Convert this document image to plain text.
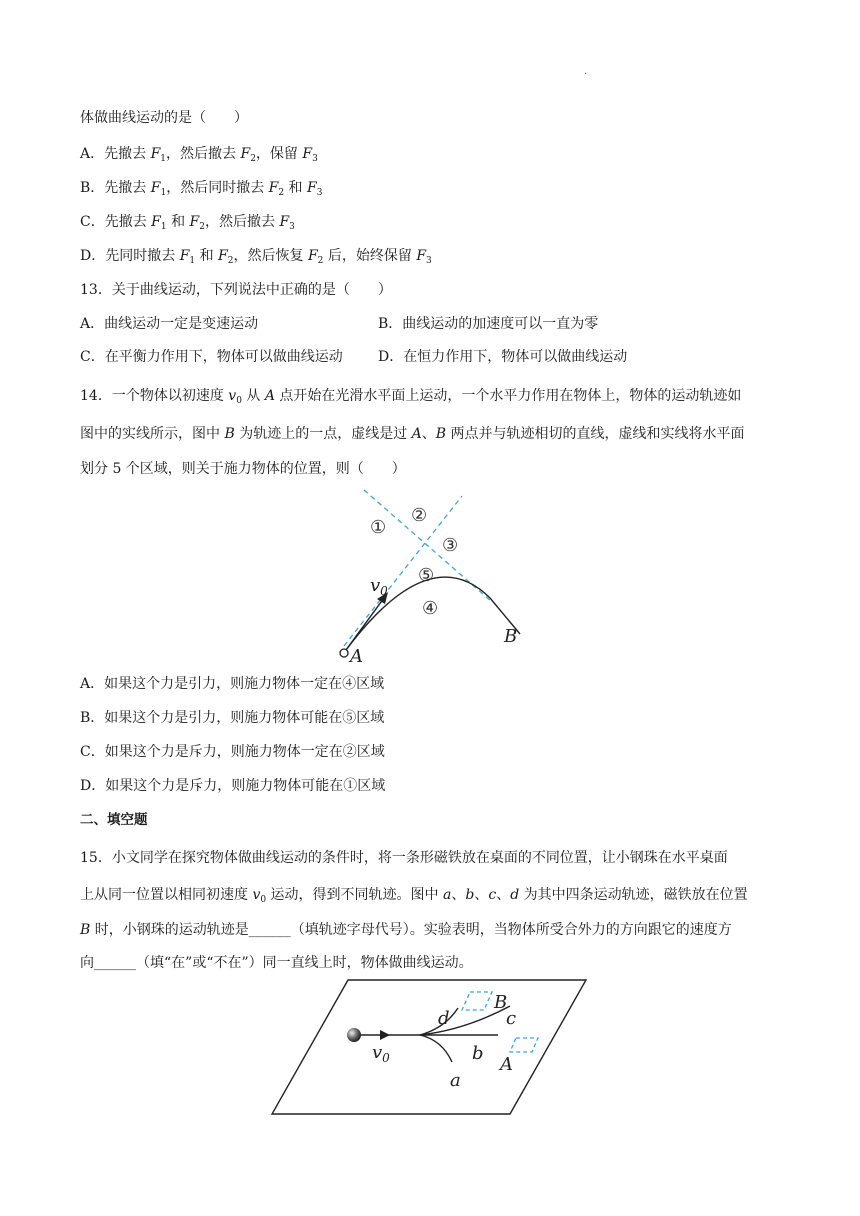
.
体做曲线运动的是（　　）
A．先撤去 $F_1$，然后撤去 $F_2$，保留 $F_3$
B．先撤去 $F_1$，然后同时撤去 $F_2$ 和 $F_3$
C．先撤去 $F_1$ 和 $F_2$，然后撤去 $F_3$
D．先同时撤去 $F_1$ 和 $F_2$，然后恢复 $F_2$ 后，始终保留 $F_3$
13．关于曲线运动，下列说法中正确的是（　　）
A．曲线运动一定是变速运动	B．曲线运动的加速度可以一直为零
C．在平衡力作用下，物体可以做曲线运动	D．在恒力作用下，物体可以做曲线运动
14．一个物体以初速度 $v_0$ 从 A 点开始在光滑水平面上运动，一个水平力作用在物体上，物体的运动轨迹如
图中的实线所示，图中 B 为轨迹上的一点，虚线是过 A、B 两点并与轨迹相切的直线，虚线和实线将水平面
划分 5 个区域，则关于施力物体的位置，则（　　）
①
②
③
④
⑤
$v_0$
A
B
A．如果这个力是引力，则施力物体一定在④区域
B．如果这个力是引力，则施力物体可能在⑤区域
C．如果这个力是斥力，则施力物体一定在②区域
D．如果这个力是斥力，则施力物体可能在①区域
二、填空题
15．小文同学在探究物体做曲线运动的条件时，将一条形磁铁放在桌面的不同位置，让小钢珠在水平桌面
上从同一位置以相同初速度 $v_0$ 运动，得到不同轨迹。图中 a、b、c、d 为其中四条运动轨迹，磁铁放在位置
B 时，小钢珠的运动轨迹是______（填轨迹字母代号）。实验表明，当物体所受合外力的方向跟它的速度方
向______（填“在”或“不在”）同一直线上时，物体做曲线运动。
d	c
b
a
B
A
$v_0$
